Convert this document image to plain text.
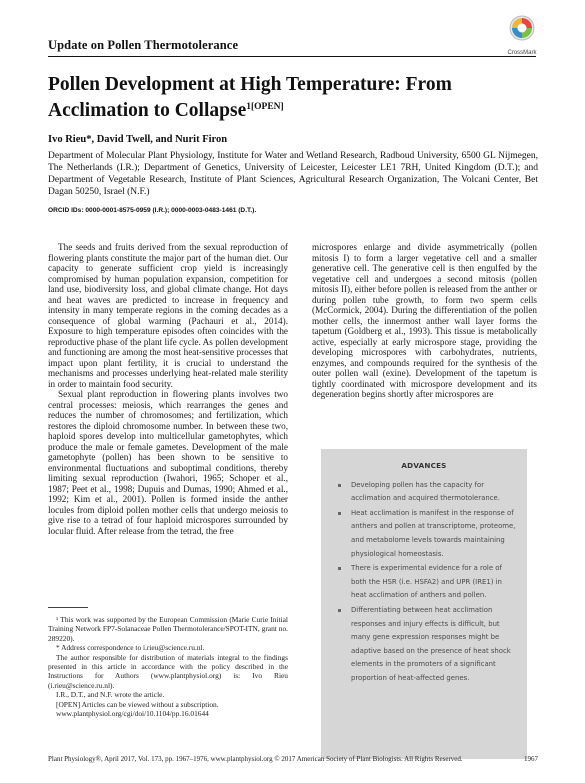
Update on Pollen Thermotolerance
CrossMark
Pollen Development at High Temperature: From
Acclimation to Collapse$^{1[OPEN]}$
Ivo Rieu*, David Twell, and Nurit Firon
Department of Molecular Plant Physiology, Institute for Water and Wetland Research, Radboud University, 6500 GL Nijmegen, The Netherlands (I.R.); Department of Genetics, University of Leicester, Leicester LE1 7RH, United Kingdom (D.T.); and Department of Vegetable Research, Institute of Plant Sciences, Agricultural Research Organization, The Volcani Center, Bet Dagan 50250, Israel (N.F.)
ORCID IDs: 0000-0001-8575-0959 (I.R.); 0000-0003-0483-1461 (D.T.).

The seeds and fruits derived from the sexual reproduction of flowering plants constitute the major part of the human diet. Our capacity to generate sufficient crop yield is increasingly compromised by human population expansion, competition for land use, biodiversity loss, and global climate change. Hot days and heat waves are predicted to increase in frequency and intensity in many temperate regions in the coming decades as a consequence of global warming (Pachauri et al., 2014). Exposure to high temperature episodes often coincides with the reproductive phase of the plant life cycle. As pollen development and functioning are among the most heat-sensitive processes that impact upon plant fertility, it is crucial to understand the mechanisms and processes underlying heat-related male sterility in order to maintain food security.

Sexual plant reproduction in flowering plants involves two central processes: meiosis, which rearranges the genes and reduces the number of chromosomes; and fertilization, which restores the diploid chromosome number. In between these two, haploid spores develop into multicellular gametophytes, which produce the male or female gametes. Development of the male gametophyte (pollen) has been shown to be sensitive to environmental fluctuations and suboptimal conditions, thereby limiting sexual reproduction (Iwahori, 1965; Schoper et al., 1987; Peet et al., 1998; Dupuis and Dumas, 1990; Ahmed et al., 1992; Kim et al., 2001). Pollen is formed inside the anther locules from diploid pollen mother cells that undergo meiosis to give rise to a tetrad of four haploid microspores surrounded by locular fluid. After release from the tetrad, the free

microspores enlarge and divide asymmetrically (pollen mitosis I) to form a larger vegetative cell and a smaller generative cell. The generative cell is then engulfed by the vegetative cell and undergoes a second mitosis (pollen mitosis II), either before pollen is released from the anther or during pollen tube growth, to form two sperm cells (McCormick, 2004). During the differentiation of the pollen mother cells, the innermost anther wall layer forms the tapetum (Goldberg et al., 1993). This tissue is metabolically active, especially at early microspore stage, providing the developing microspores with carbohydrates, nutrients, enzymes, and compounds required for the synthesis of the outer pollen wall (exine). Development of the tapetum is tightly coordinated with microspore development and its degeneration begins shortly after microspores are

ADVANCES
Developing pollen has the capacity for acclimation and acquired thermotolerance.
Heat acclimation is manifest in the response of anthers and pollen at transcriptome, proteome, and metabolome levels towards maintaining physiological homeostasis.
There is experimental evidence for a role of both the HSR (i.e. HSFA2) and UPR (IRE1) in heat acclimation of anthers and pollen.
Differentiating between heat acclimation responses and injury effects is difficult, but many gene expression responses might be adaptive based on the presence of heat shock elements in the promoters of a significant proportion of heat-affected genes.

¹ This work was supported by the European Commission (Marie Curie Initial Training Network FP7-Solanaceae Pollen Thermotolerance/SPOT-ITN, grant no. 289220).

* Address correspondence to i.rieu@science.ru.nl.

The author responsible for distribution of materials integral to the findings presented in this article in accordance with the policy described in the Instructions for Authors (www.plantphysiol.org) is: Ivo Rieu (i.rieu@science.ru.nl).

I.R., D.T., and N.F. wrote the article.

[OPEN] Articles can be viewed without a subscription.

www.plantphysiol.org/cgi/doi/10.1104/pp.16.01644

Plant Physiology®, April 2017, Vol. 173, pp. 1967–1976, www.plantphysiol.org © 2017 American Society of Plant Biologists. All Rights Reserved.	1967
